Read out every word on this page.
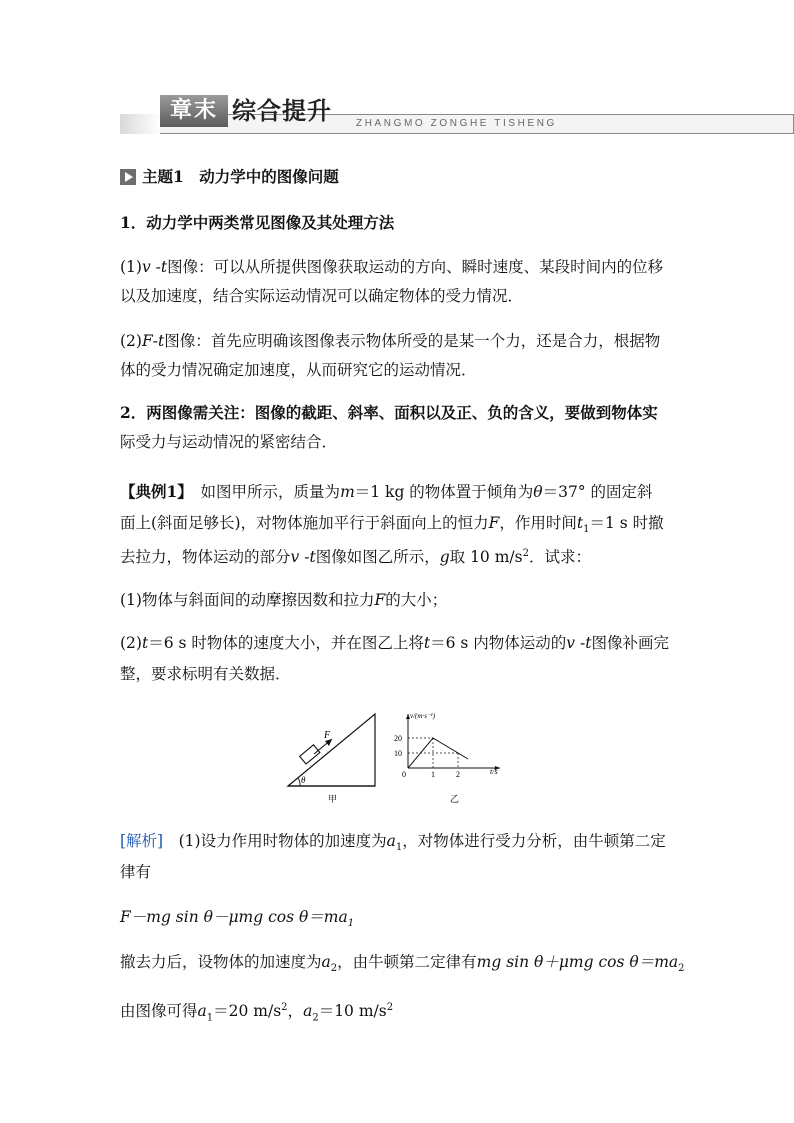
章末 综合提升 ZHANGMO ZONGHE TISHENG
主题1　动力学中的图像问题
1．动力学中两类常见图像及其处理方法
(1)v -t图像：可以从所提供图像获取运动的方向、瞬时速度、某段时间内的位移
以及加速度，结合实际运动情况可以确定物体的受力情况．
(2)F-t图像：首先应明确该图像表示物体所受的是某一个力，还是合力，根据物
体的受力情况确定加速度，从而研究它的运动情况．
2．两图像需关注：图像的截距、斜率、面积以及正、负的含义，要做到物体实
际受力与运动情况的紧密结合．
【典例1】　如图甲所示，质量为m＝1 kg 的物体置于倾角为θ＝37° 的固定斜
面上(斜面足够长)，对物体施加平行于斜面向上的恒力F，作用时间$t_1=1$ s 时撤
去拉力，物体运动的部分v -t图像如图乙所示，g取 10 $m/s^2$．试求：
(1)物体与斜面间的动摩擦因数和拉力F的大小；
(2)t＝6 s 时物体的速度大小，并在图乙上将t＝6 s 内物体运动的v -t图像补画完
整，要求标明有关数据．
F
θ
甲
v/(m·s⁻¹)
t/s
20
10
1	2
0
乙
[解析]　(1)设力作用时物体的加速度为$a_1$，对物体进行受力分析，由牛顿第二定
律有
F－mg sin θ－μmg $\cos \theta=ma_1$
撤去力后，设物体的加速度为$a_2$，由牛顿第二定律有mg sin θ＋μmg $\cos \theta=ma_2$
由图像可得$a_1=20$ $m/s^2$，$a_2=10$ $m/s^2$
